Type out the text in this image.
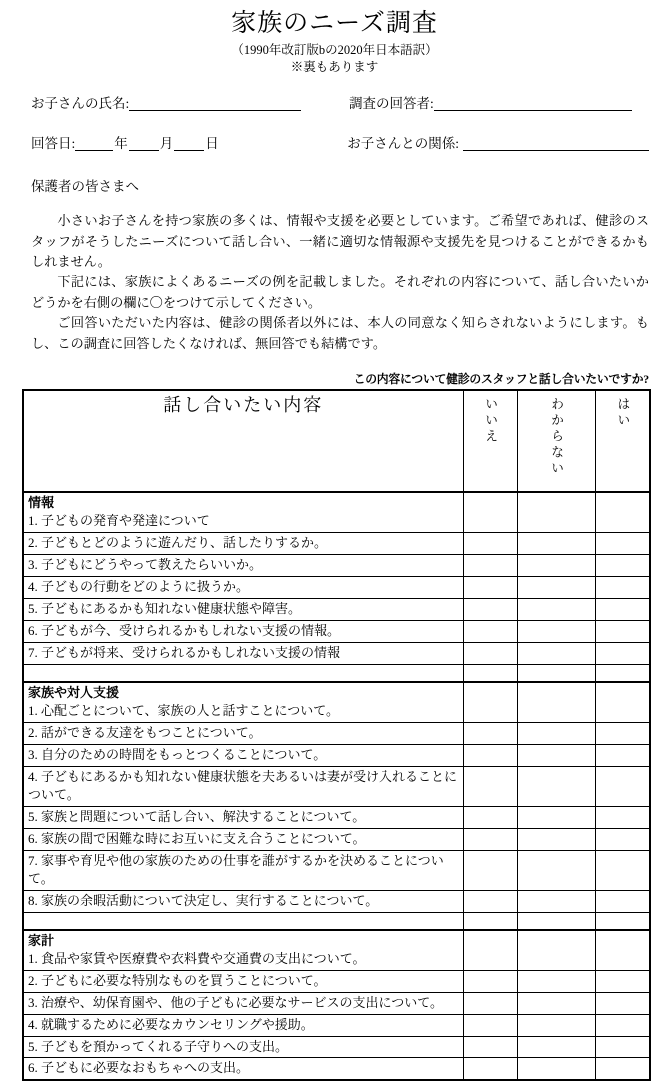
家族のニーズ調査

（1990年改訂版bの2020年日本語訳）

※裏もあります

お子さんの氏名:	調査の回答者:
回答日:	年 月 日	お子さんとの関係:

保護者の皆さまへ

小さいお子さんを持つ家族の多くは、情報や支援を必要としています。ご希望であれば、健診のスタッフがそうしたニーズについて話し合い、一緒に適切な情報源や支援先を見つけることができるかもしれません。

下記には、家族によくあるニーズの例を記載しました。それぞれの内容について、話し合いたいかどうかを右側の欄に〇をつけて示してください。

ご回答いただいた内容は、健診の関係者以外には、本人の同意なく知らされないようにします。もし、この調査に回答したくなければ、無回答でも結構です。

この内容について健診のスタッフと話し合いたいですか?
話し合いたい内容	いいえ	わからない	はい

情報
1. 子どもの発育や発達について			

2. 子どもとどのように遊んだり、話したりするか。			

3. 子どもにどうやって教えたらいいか。			

4. 子どもの行動をどのように扱うか。			

5. 子どもにあるかも知れない健康状態や障害。			

6. 子どもが今、受けられるかもしれない支援の情報。			

7. 子どもが将来、受けられるかもしれない支援の情報			

家族や対人支援
1. 心配ごとについて、家族の人と話すことについて。			

2. 話ができる友達をもつことについて。			

3. 自分のための時間をもっとつくることについて。			

4. 子どもにあるかも知れない健康状態を夫あるいは妻が受け入れることについて。			

5. 家族と問題について話し合い、解決することについて。			

6. 家族の間で困難な時にお互いに支え合うことについて。			

7. 家事や育児や他の家族のための仕事を誰がするかを決めることについて。			

8. 家族の余暇活動について決定し、実行することについて。			

家計
1. 食品や家賃や医療費や衣料費や交通費の支出について。			

2. 子どもに必要な特別なものを買うことについて。			

3. 治療や、幼保育園や、他の子どもに必要なサービスの支出について。			

4. 就職するために必要なカウンセリングや援助。			

5. 子どもを預かってくれる子守りへの支出。			

6. 子どもに必要なおもちゃへの支出。			
